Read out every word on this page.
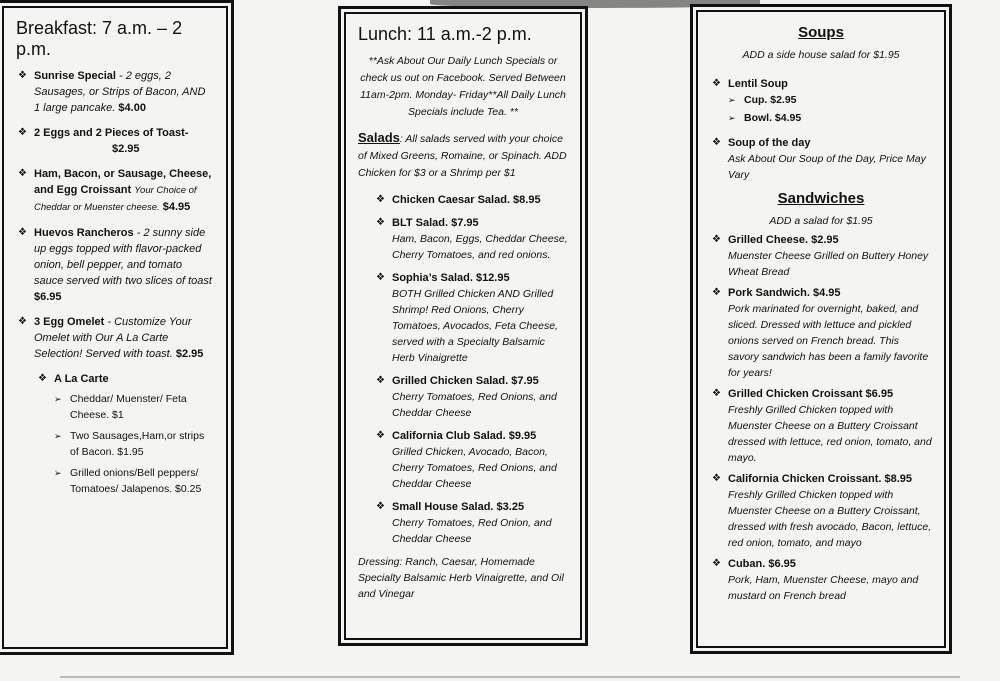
Breakfast: 7 a.m. – 2 p.m.
❖ Sunrise Special - 2 eggs, 2 Sausages, or Strips of Bacon, AND 1 large pancake. $4.00
❖ 2 Eggs and 2 Pieces of Toast-
$2.95
❖ Ham, Bacon, or Sausage, Cheese, and Egg Croissant Your Choice of Cheddar or Muenster cheese. $4.95
❖ Huevos Rancheros - 2 sunny side up eggs topped with flavor-packed onion, bell pepper, and tomato sauce served with two slices of toast $6.95
❖ 3 Egg Omelet - Customize Your Omelet with Our A La Carte Selection! Served with toast. $2.95
❖ A La Carte
➢ Cheddar/ Muenster/ Feta Cheese. $1
➢ Two Sausages,Ham,or strips of Bacon. $1.95
➢ Grilled onions/Bell peppers/ Tomatoes/ Jalapenos. $0.25
Lunch: 11 a.m.-2 p.m.
**Ask About Our Daily Lunch Specials or check us out on Facebook. Served Between 11am-2pm. Monday- Friday**All Daily Lunch Specials include Tea. **
Salads: All salads served with your choice of Mixed Greens, Romaine, or Spinach. ADD Chicken for $3 or a Shrimp per $1
❖ Chicken Caesar Salad. $8.95
❖ BLT Salad. $7.95
Ham, Bacon, Eggs, Cheddar Cheese, Cherry Tomatoes, and red onions.
❖ Sophia’s Salad. $12.95
BOTH Grilled Chicken AND Grilled Shrimp! Red Onions, Cherry Tomatoes, Avocados, Feta Cheese, served with a Specialty Balsamic Herb Vinaigrette
❖ Grilled Chicken Salad. $7.95
Cherry Tomatoes, Red Onions, and Cheddar Cheese
❖ California Club Salad. $9.95
Grilled Chicken, Avocado, Bacon, Cherry Tomatoes, Red Onions, and Cheddar Cheese
❖ Small House Salad. $3.25
Cherry Tomatoes, Red Onion, and Cheddar Cheese
Dressing: Ranch, Caesar, Homemade Specialty Balsamic Herb Vinaigrette, and Oil and Vinegar
Soups
ADD a side house salad for $1.95
❖ Lentil Soup
➢ Cup. $2.95
➢ Bowl. $4.95
❖ Soup of the day
Ask About Our Soup of the Day, Price May Vary
Sandwiches
ADD a salad for $1.95
❖ Grilled Cheese. $2.95
Muenster Cheese Grilled on Buttery Honey Wheat Bread
❖ Pork Sandwich. $4.95
Pork marinated for overnight, baked, and sliced. Dressed with lettuce and pickled onions served on French bread. This savory sandwich has been a family favorite for years!
❖ Grilled Chicken Croissant $6.95
Freshly Grilled Chicken topped with Muenster Cheese on a Buttery Croissant dressed with lettuce, red onion, tomato, and mayo.
❖ California Chicken Croissant. $8.95
Freshly Grilled Chicken topped with Muenster Cheese on a Buttery Croissant, dressed with fresh avocado, Bacon, lettuce, red onion, tomato, and mayo
❖ Cuban. $6.95
Pork, Ham, Muenster Cheese, mayo and mustard on French bread
